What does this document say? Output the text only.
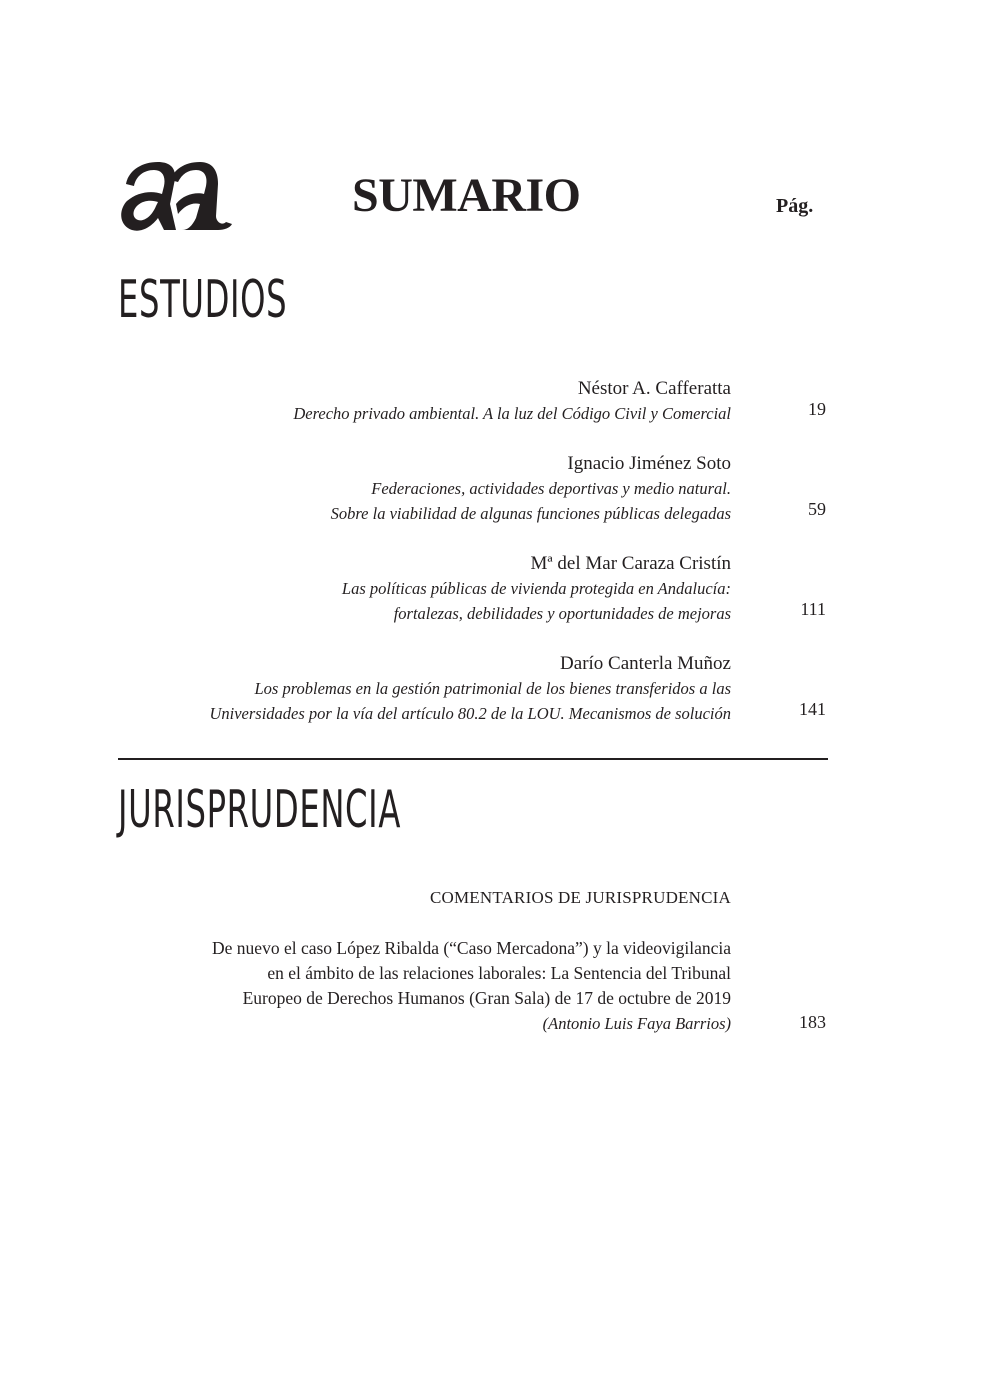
SUMARIO	Pág.
ESTUDIOS
Néstor A. Cafferatta
Derecho privado ambiental. A la luz del Código Civil y Comercial	19
Ignacio Jiménez Soto
Federaciones, actividades deportivas y medio natural.
Sobre la viabilidad de algunas funciones públicas delegadas	59
Mª del Mar Caraza Cristín
Las políticas públicas de vivienda protegida en Andalucía:
fortalezas, debilidades y oportunidades de mejoras	111
Darío Canterla Muñoz
Los problemas en la gestión patrimonial de los bienes transferidos a las
Universidades por la vía del artículo 80.2 de la LOU. Mecanismos de solución	141
JURISPRUDENCIA
COMENTARIOS DE JURISPRUDENCIA
De nuevo el caso López Ribalda (“Caso Mercadona”) y la videovigilancia
en el ámbito de las relaciones laborales: La Sentencia del Tribunal
Europeo de Derechos Humanos (Gran Sala) de 17 de octubre de 2019
(Antonio Luis Faya Barrios)	183
